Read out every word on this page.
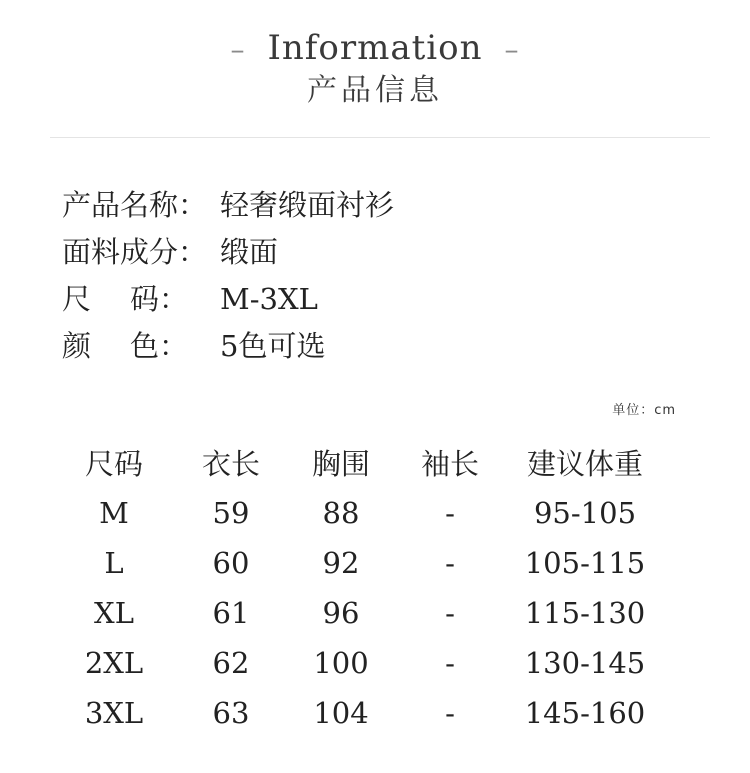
– Information –
产品信息
产品名称： 轻奢缎面衬衫
面料成分： 缎面
尺 码： M-3XL
颜 色： 5色可选
单位：cm
尺码	衣长	胸围	袖长	建议体重
M	59	88	-	95-105
L	60	92	-	105-115
XL	61	96	-	115-130
2XL	62	100	-	130-145
3XL	63	104	-	145-160
